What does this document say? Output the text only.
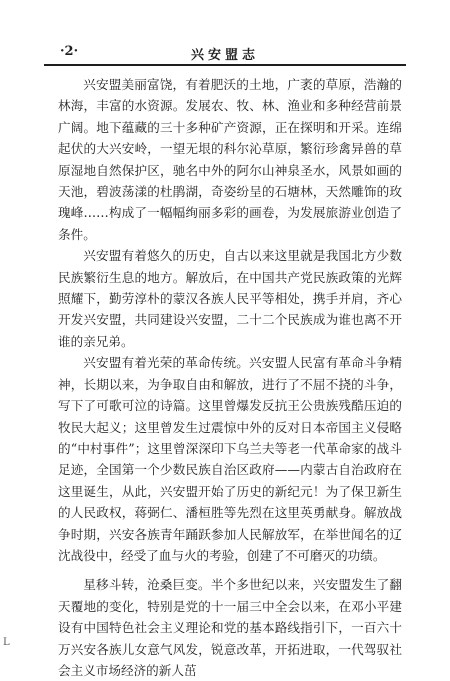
·2·	兴安盟志

兴安盟美丽富饶，有着肥沃的土地，广袤的草原，浩瀚的林海，丰富的水资源。发展农、牧、林、渔业和多种经营前景广阔。地下蕴藏的三十多种矿产资源，正在探明和开采。连绵起伏的大兴安岭，一望无垠的科尔沁草原，繁衍珍禽异兽的草原湿地自然保护区，驰名中外的阿尔山神泉圣水，风景如画的天池，碧波荡漾的杜鹃湖，奇姿纷呈的石塘林，天然雕饰的玫瑰峰……构成了一幅幅绚丽多彩的画卷，为发展旅游业创造了条件。

兴安盟有着悠久的历史，自古以来这里就是我国北方少数民族繁衍生息的地方。解放后，在中国共产党民族政策的光辉照耀下，勤劳淳朴的蒙汉各族人民平等相处，携手并肩，齐心开发兴安盟，共同建设兴安盟，二十二个民族成为谁也离不开谁的亲兄弟。

兴安盟有着光荣的革命传统。兴安盟人民富有革命斗争精神，长期以来，为争取自由和解放，进行了不屈不挠的斗争，写下了可歌可泣的诗篇。这里曾爆发反抗王公贵族残酷压迫的牧民大起义；这里曾发生过震惊中外的反对日本帝国主义侵略的“中村事件”；这里曾深深印下乌兰夫等老一代革命家的战斗足迹，全国第一个少数民族自治区政府——内蒙古自治政府在这里诞生，从此，兴安盟开始了历史的新纪元！为了保卫新生的人民政权，蒋弼仁、潘桓胜等先烈在这里英勇献身。解放战争时期，兴安各族青年踊跃参加人民解放军，在举世闻名的辽沈战役中，经受了血与火的考验，创建了不可磨灭的功绩。

星移斗转，沧桑巨变。半个多世纪以来，兴安盟发生了翻天覆地的变化，特别是党的十一届三中全会以来，在邓小平建设有中国特色社会主义理论和党的基本路线指引下，一百六十万兴安各族儿女意气风发，锐意改革，开拓进取，一代驾驭社会主义市场经济的新人茁

L
